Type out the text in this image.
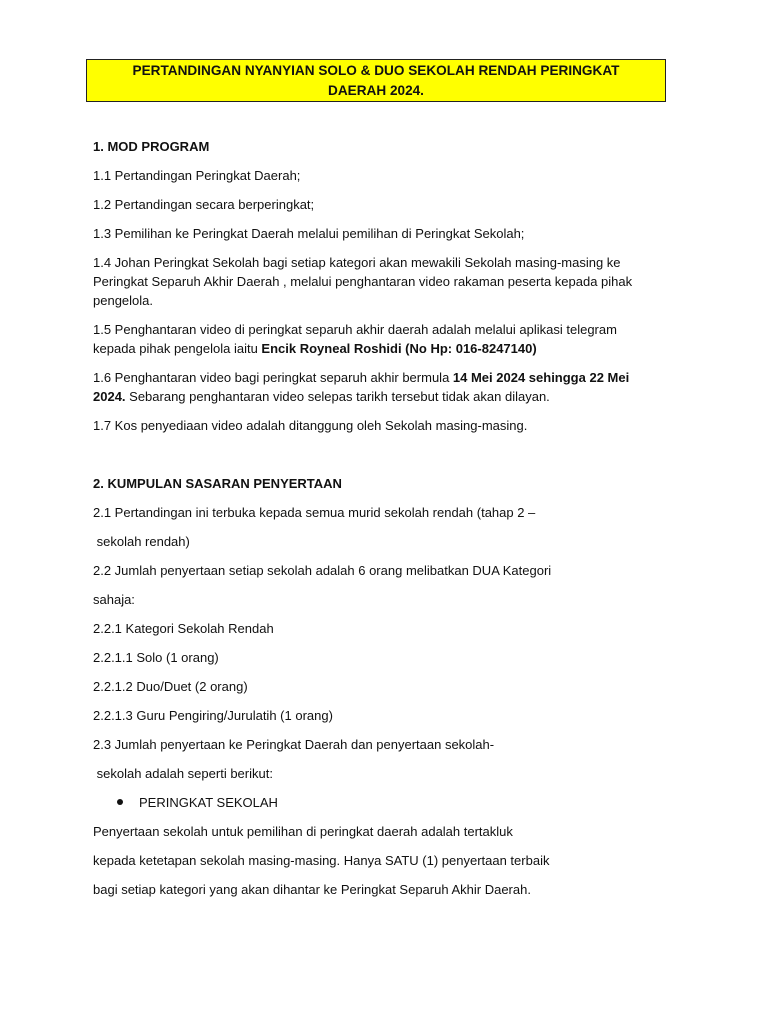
PERTANDINGAN NYANYIAN SOLO & DUO SEKOLAH RENDAH PERINGKAT
DAERAH 2024.
1. MOD PROGRAM
1.1 Pertandingan Peringkat Daerah;
1.2 Pertandingan secara berperingkat;
1.3 Pemilihan ke Peringkat Daerah melalui pemilihan di Peringkat Sekolah;
1.4 Johan Peringkat Sekolah bagi setiap kategori akan mewakili Sekolah masing-masing ke
Peringkat Separuh Akhir Daerah , melalui penghantaran video rakaman peserta kepada pihak
pengelola.
1.5 Penghantaran video di peringkat separuh akhir daerah adalah melalui aplikasi telegram
kepada pihak pengelola iaitu Encik Royneal Roshidi (No Hp: 016-8247140)
1.6 Penghantaran video bagi peringkat separuh akhir bermula 14 Mei 2024 sehingga 22 Mei
2024. Sebarang penghantaran video selepas tarikh tersebut tidak akan dilayan.
1.7 Kos penyediaan video adalah ditanggung oleh Sekolah masing-masing.
2. KUMPULAN SASARAN PENYERTAAN
2.1 Pertandingan ini terbuka kepada semua murid sekolah rendah (tahap 2 –
sekolah rendah)
2.2 Jumlah penyertaan setiap sekolah adalah 6 orang melibatkan DUA Kategori
sahaja:
2.2.1 Kategori Sekolah Rendah
2.2.1.1 Solo (1 orang)
2.2.1.2 Duo/Duet (2 orang)
2.2.1.3 Guru Pengiring/Jurulatih (1 orang)
2.3 Jumlah penyertaan ke Peringkat Daerah dan penyertaan sekolah-
sekolah adalah seperti berikut:
PERINGKAT SEKOLAH
Penyertaan sekolah untuk pemilihan di peringkat daerah adalah tertakluk
kepada ketetapan sekolah masing-masing. Hanya SATU (1) penyertaan terbaik
bagi setiap kategori yang akan dihantar ke Peringkat Separuh Akhir Daerah.
